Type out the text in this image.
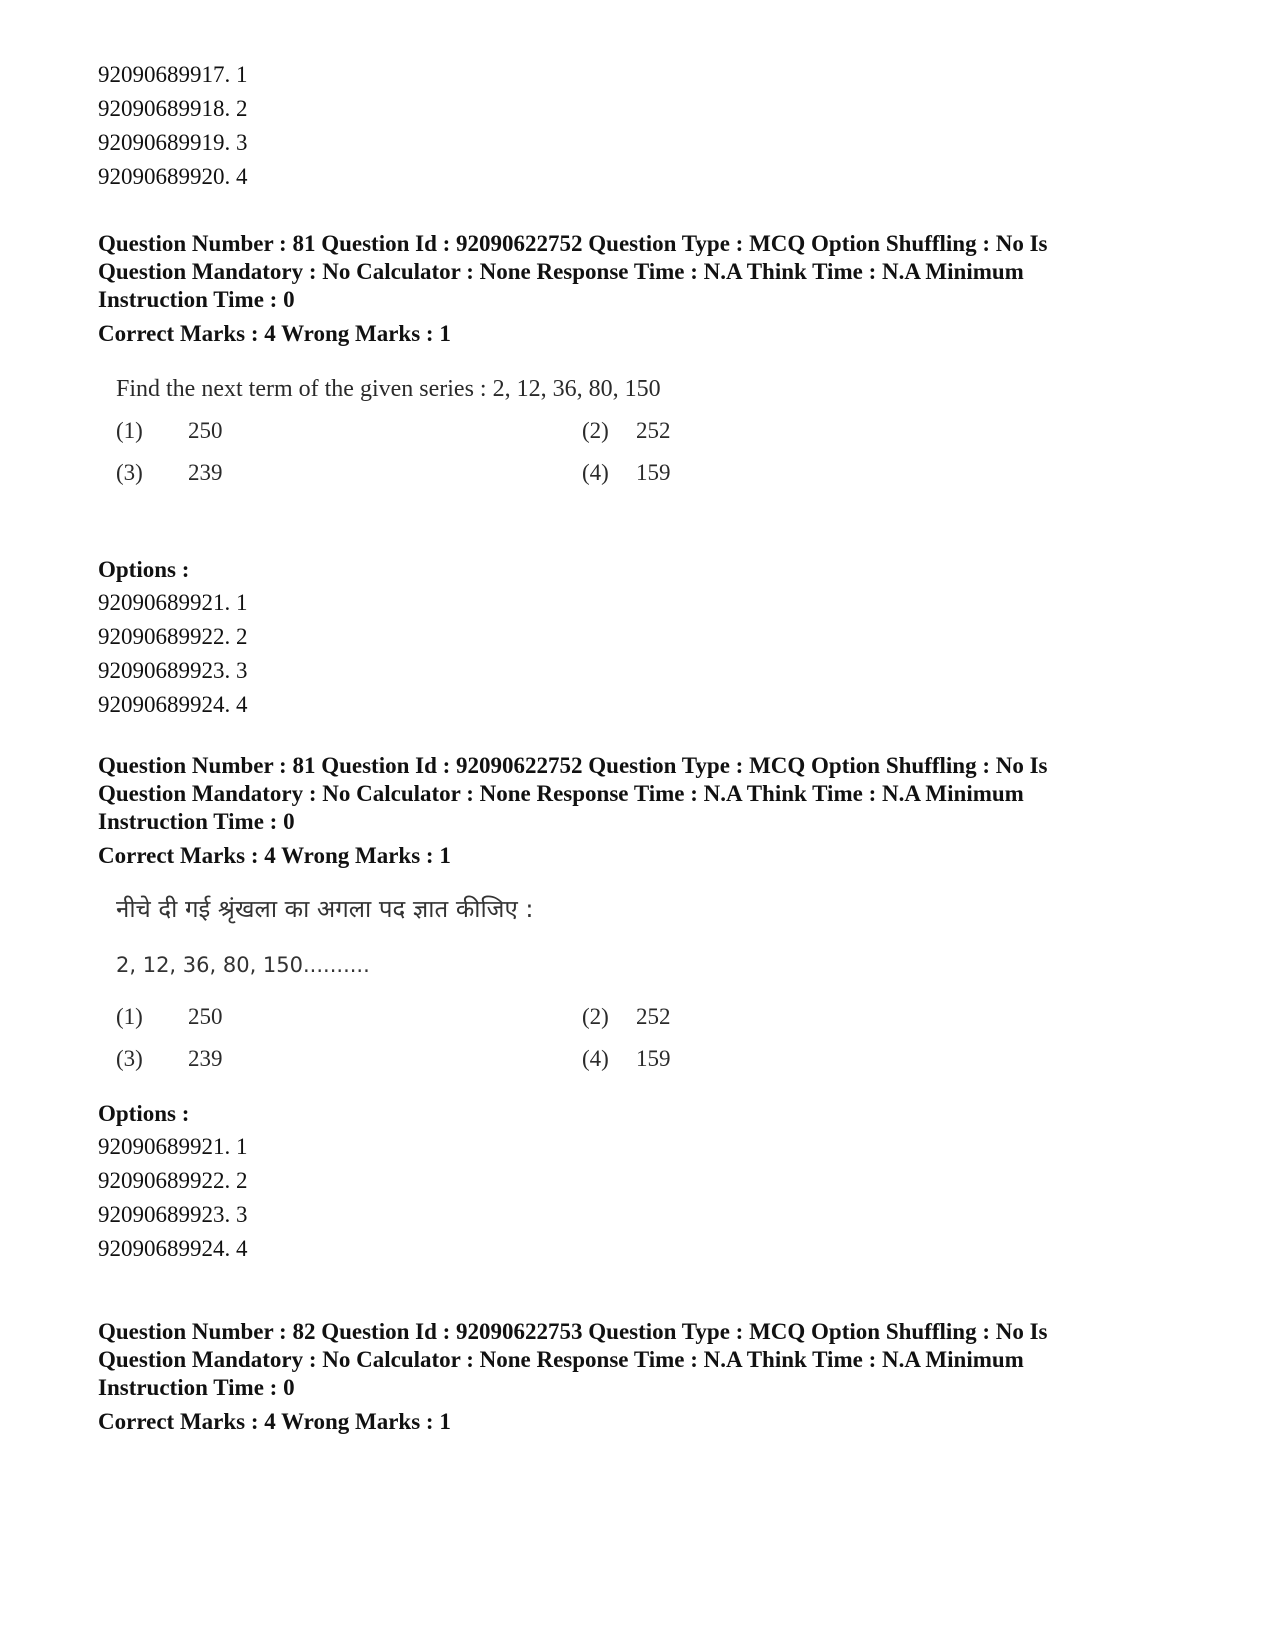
92090689917. 1
92090689918. 2
92090689919. 3
92090689920. 4
Question Number : 81 Question Id : 92090622752 Question Type : MCQ Option Shuffling : No Is Question Mandatory : No Calculator : None Response Time : N.A Think Time : N.A Minimum Instruction Time : 0
Correct Marks : 4 Wrong Marks : 1
Find the next term of the given series : 2, 12, 36, 80, 150
(1) 250	(2) 252
(3) 239	(4) 159
Options :
92090689921. 1
92090689922. 2
92090689923. 3
92090689924. 4
Question Number : 81 Question Id : 92090622752 Question Type : MCQ Option Shuffling : No Is Question Mandatory : No Calculator : None Response Time : N.A Think Time : N.A Minimum Instruction Time : 0
Correct Marks : 4 Wrong Marks : 1
नीचे दी गई श्रृंखला का अगला पद ज्ञात कीजिए :
2, 12, 36, 80, 150..........
(1) 250	(2) 252
(3) 239	(4) 159
Options :
92090689921. 1
92090689922. 2
92090689923. 3
92090689924. 4
Question Number : 82 Question Id : 92090622753 Question Type : MCQ Option Shuffling : No Is Question Mandatory : No Calculator : None Response Time : N.A Think Time : N.A Minimum Instruction Time : 0
Correct Marks : 4 Wrong Marks : 1
